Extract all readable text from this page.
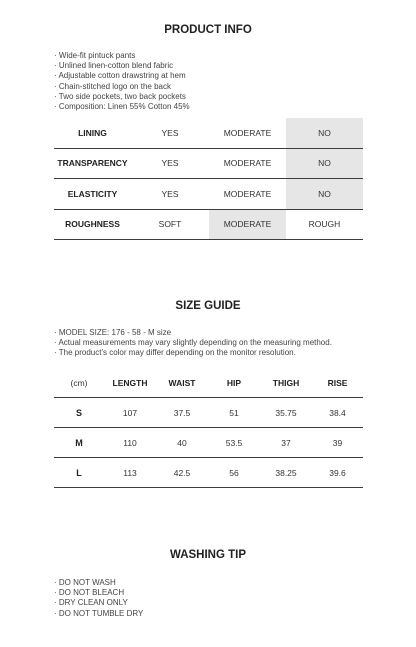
PRODUCT INFO
· Wide-fit pintuck pants
· Unlined linen-cotton blend fabric
· Adjustable cotton drawstring at hem
· Chain-stitched logo on the back
· Two side pockets, two back pockets
· Composition: Linen 55% Cotton 45%
LINING	YES	MODERATE	NO
TRANSPARENCY	YES	MODERATE	NO
ELASTICITY	YES	MODERATE	NO
ROUGHNESS	SOFT	MODERATE	ROUGH
SIZE GUIDE
· MODEL SIZE: 176 - 58 - M size
· Actual measurements may vary slightly depending on the measuring method.
· The product's color may differ depending on the monitor resolution.
(cm)	LENGTH	WAIST	HIP	THIGH	RISE
S	107	37.5	51	35.75	38.4
M	110	40	53.5	37	39
L	113	42.5	56	38.25	39.6
WASHING TIP
· DO NOT WASH
· DO NOT BLEACH
· DRY CLEAN ONLY
· DO NOT TUMBLE DRY
